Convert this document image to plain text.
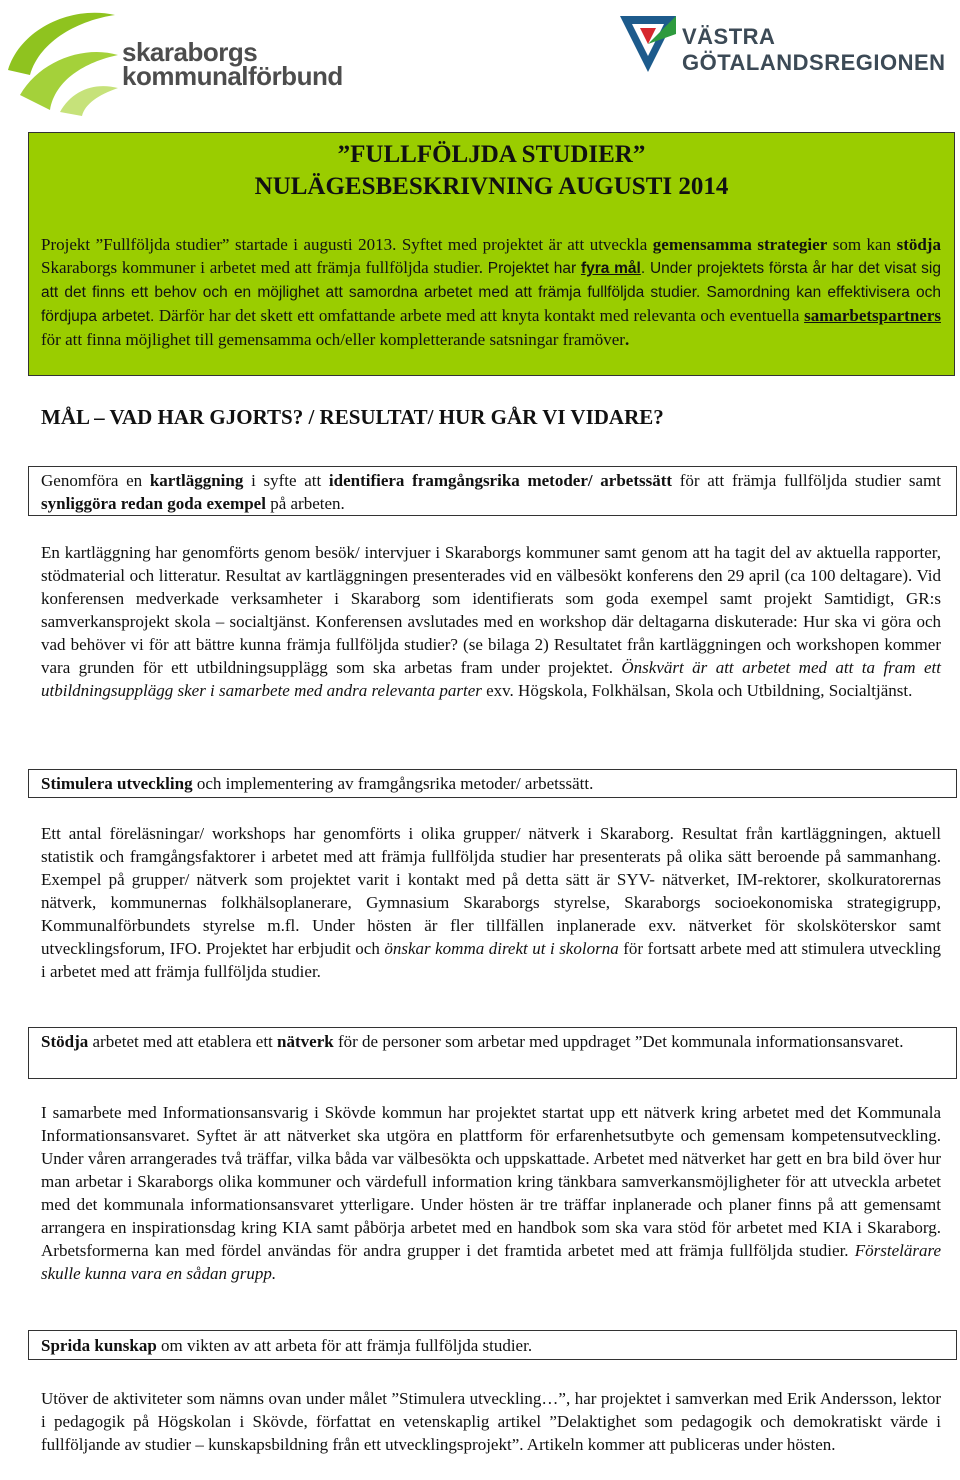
skaraborgs
kommunalförbund
VÄSTRA
GÖTALANDSREGIONEN
”FULLFÖLJDA STUDIER”
NULÄGESBESKRIVNING AUGUSTI 2014

Projekt ”Fullföljda studier” startade i augusti 2013. Syftet med projektet är att utveckla gemensamma strategier som kan stödja Skaraborgs kommuner i arbetet med att främja fullföljda studier. Projektet har fyra mål. Under projektets första år har det visat sig att det finns ett behov och en möjlighet att samordna arbetet med att främja fullföljda studier. Samordning kan effektivisera och fördjupa arbetet. Därför har det skett ett omfattande arbete med att knyta kontakt med relevanta och eventuella samarbetspartners för att finna möjlighet till gemensamma och/eller kompletterande satsningar framöver.

MÅL – VAD HAR GJORTS? / RESULTAT/ HUR GÅR VI VIDARE?

Genomföra en kartläggning i syfte att identifiera framgångsrika metoder/ arbetssätt för att främja fullföljda studier samt synliggöra redan goda exempel på arbeten.

En kartläggning har genomförts genom besök/ intervjuer i Skaraborgs kommuner samt genom att ha tagit del av aktuella rapporter, stödmaterial och litteratur. Resultat av kartläggningen presenterades vid en välbesökt konferens den 29 april (ca 100 deltagare). Vid konferensen medverkade verksamheter i Skaraborg som identifierats som goda exempel samt projekt Samtidigt, GR:s samverkansprojekt skola – socialtjänst. Konferensen avslutades med en workshop där deltagarna diskuterade: Hur ska vi göra och vad behöver vi för att bättre kunna främja fullföljda studier? (se bilaga 2) Resultatet från kartläggningen och workshopen kommer vara grunden för ett utbildningsupplägg som ska arbetas fram under projektet. Önskvärt är att arbetet med att ta fram ett utbildningsupplägg sker i samarbete med andra relevanta parter exv. Högskola, Folkhälsan, Skola och Utbildning, Socialtjänst.

Stimulera utveckling och implementering av framgångsrika metoder/ arbetssätt.

Ett antal föreläsningar/ workshops har genomförts i olika grupper/ nätverk i Skaraborg. Resultat från kartläggningen, aktuell statistik och framgångsfaktorer i arbetet med att främja fullföljda studier har presenterats på olika sätt beroende på sammanhang. Exempel på grupper/ nätverk som projektet varit i kontakt med på detta sätt är SYV- nätverket, IM-rektorer, skolkuratorernas nätverk, kommunernas folkhälsoplanerare, Gymnasium Skaraborgs styrelse, Skaraborgs socioekonomiska strategigrupp, Kommunalförbundets styrelse m.fl. Under hösten är fler tillfällen inplanerade exv. nätverket för skolsköterskor samt utvecklingsforum, IFO. Projektet har erbjudit och önskar komma direkt ut i skolorna för fortsatt arbete med att stimulera utveckling i arbetet med att främja fullföljda studier.

Stödja arbetet med att etablera ett nätverk för de personer som arbetar med uppdraget ”Det kommunala informationsansvaret.

I samarbete med Informationsansvarig i Skövde kommun har projektet startat upp ett nätverk kring arbetet med det Kommunala Informationsansvaret. Syftet är att nätverket ska utgöra en plattform för erfarenhetsutbyte och gemensam kompetensutveckling. Under våren arrangerades två träffar, vilka båda var välbesökta och uppskattade. Arbetet med nätverket har gett en bra bild över hur man arbetar i Skaraborgs olika kommuner och värdefull information kring tänkbara samverkansmöjligheter för att utveckla arbetet med det kommunala informationsansvaret ytterligare. Under hösten är tre träffar inplanerade och planer finns på att gemensamt arrangera en inspirationsdag kring KIA samt påbörja arbetet med en handbok som ska vara stöd för arbetet med KIA i Skaraborg. Arbetsformerna kan med fördel användas för andra grupper i det framtida arbetet med att främja fullföljda studier. Förstelärare skulle kunna vara en sådan grupp.

Sprida kunskap om vikten av att arbeta för att främja fullföljda studier.

Utöver de aktiviteter som nämns ovan under målet ”Stimulera utveckling…”, har projektet i samverkan med Erik Andersson, lektor i pedagogik på Högskolan i Skövde, författat en vetenskaplig artikel ”Delaktighet som pedagogik och demokratiskt värde i fullföljande av studier – kunskapsbildning från ett utvecklingsprojekt”. Artikeln kommer att publiceras under hösten.
